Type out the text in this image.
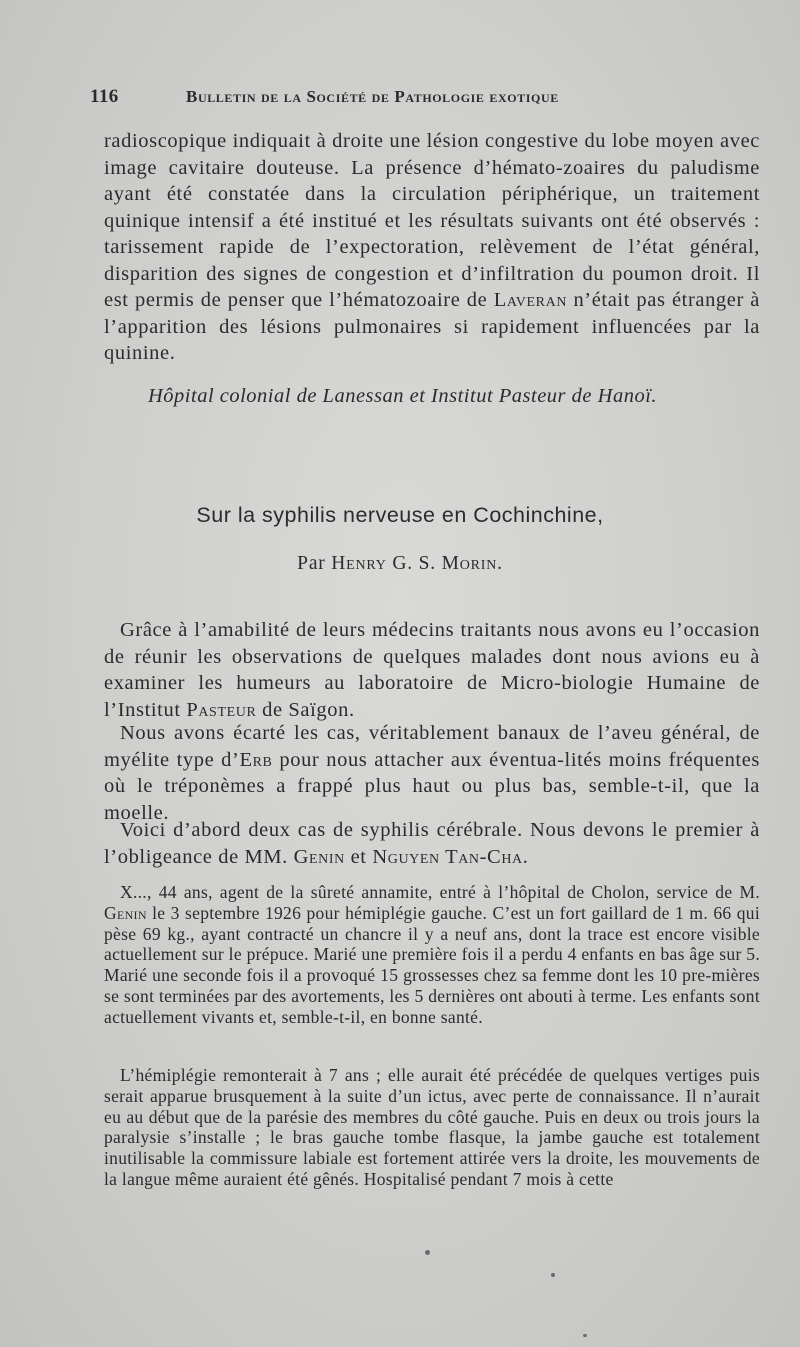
116	Bulletin de la Société de Pathologie exotique

radioscopique indiquait à droite une lésion congestive du lobe moyen avec image cavitaire douteuse. La présence d’hémato-zoaires du paludisme ayant été constatée dans la circulation périphérique, un traitement quinique intensif a été institué et les résultats suivants ont été observés : tarissement rapide de l’expectoration, relèvement de l’état général, disparition des signes de congestion et d’infiltration du poumon droit. Il est permis de penser que l’hématozoaire de Laveran n’était pas étranger à l’apparition des lésions pulmonaires si rapidement influencées par la quinine.

Hôpital colonial de Lanessan et Institut Pasteur de Hanoï.
Sur la syphilis nerveuse en Cochinchine,
Par Henry G. S. Morin.

Grâce à l’amabilité de leurs médecins traitants nous avons eu l’occasion de réunir les observations de quelques malades dont nous avions eu à examiner les humeurs au laboratoire de Micro-biologie Humaine de l’Institut Pasteur de Saïgon.

Nous avons écarté les cas, véritablement banaux de l’aveu général, de myélite type d’Erb pour nous attacher aux éventua-lités moins fréquentes où le tréponèmes a frappé plus haut ou plus bas, semble-t-il, que la moelle.

Voici d’abord deux cas de syphilis cérébrale. Nous devons le premier à l’obligeance de MM. Genin et Nguyen Tan-Cha.

X..., 44 ans, agent de la sûreté annamite, entré à l’hôpital de Cholon, service de M. Genin le 3 septembre 1926 pour hémiplégie gauche. C’est un fort gaillard de 1 m. 66 qui pèse 69 kg., ayant contracté un chancre il y a neuf ans, dont la trace est encore visible actuellement sur le prépuce. Marié une première fois il a perdu 4 enfants en bas âge sur 5. Marié une seconde fois il a provoqué 15 grossesses chez sa femme dont les 10 pre-mières se sont terminées par des avortements, les 5 dernières ont abouti à terme. Les enfants sont actuellement vivants et, semble-t-il, en bonne santé.

L’hémiplégie remonterait à 7 ans ; elle aurait été précédée de quelques vertiges puis serait apparue brusquement à la suite d’un ictus, avec perte de connaissance. Il n’aurait eu au début que de la parésie des membres du côté gauche. Puis en deux ou trois jours la paralysie s’installe ; le bras gauche tombe flasque, la jambe gauche est totalement inutilisable la commissure labiale est fortement attirée vers la droite, les mouvements de la langue même auraient été gênés. Hospitalisé pendant 7 mois à cette
